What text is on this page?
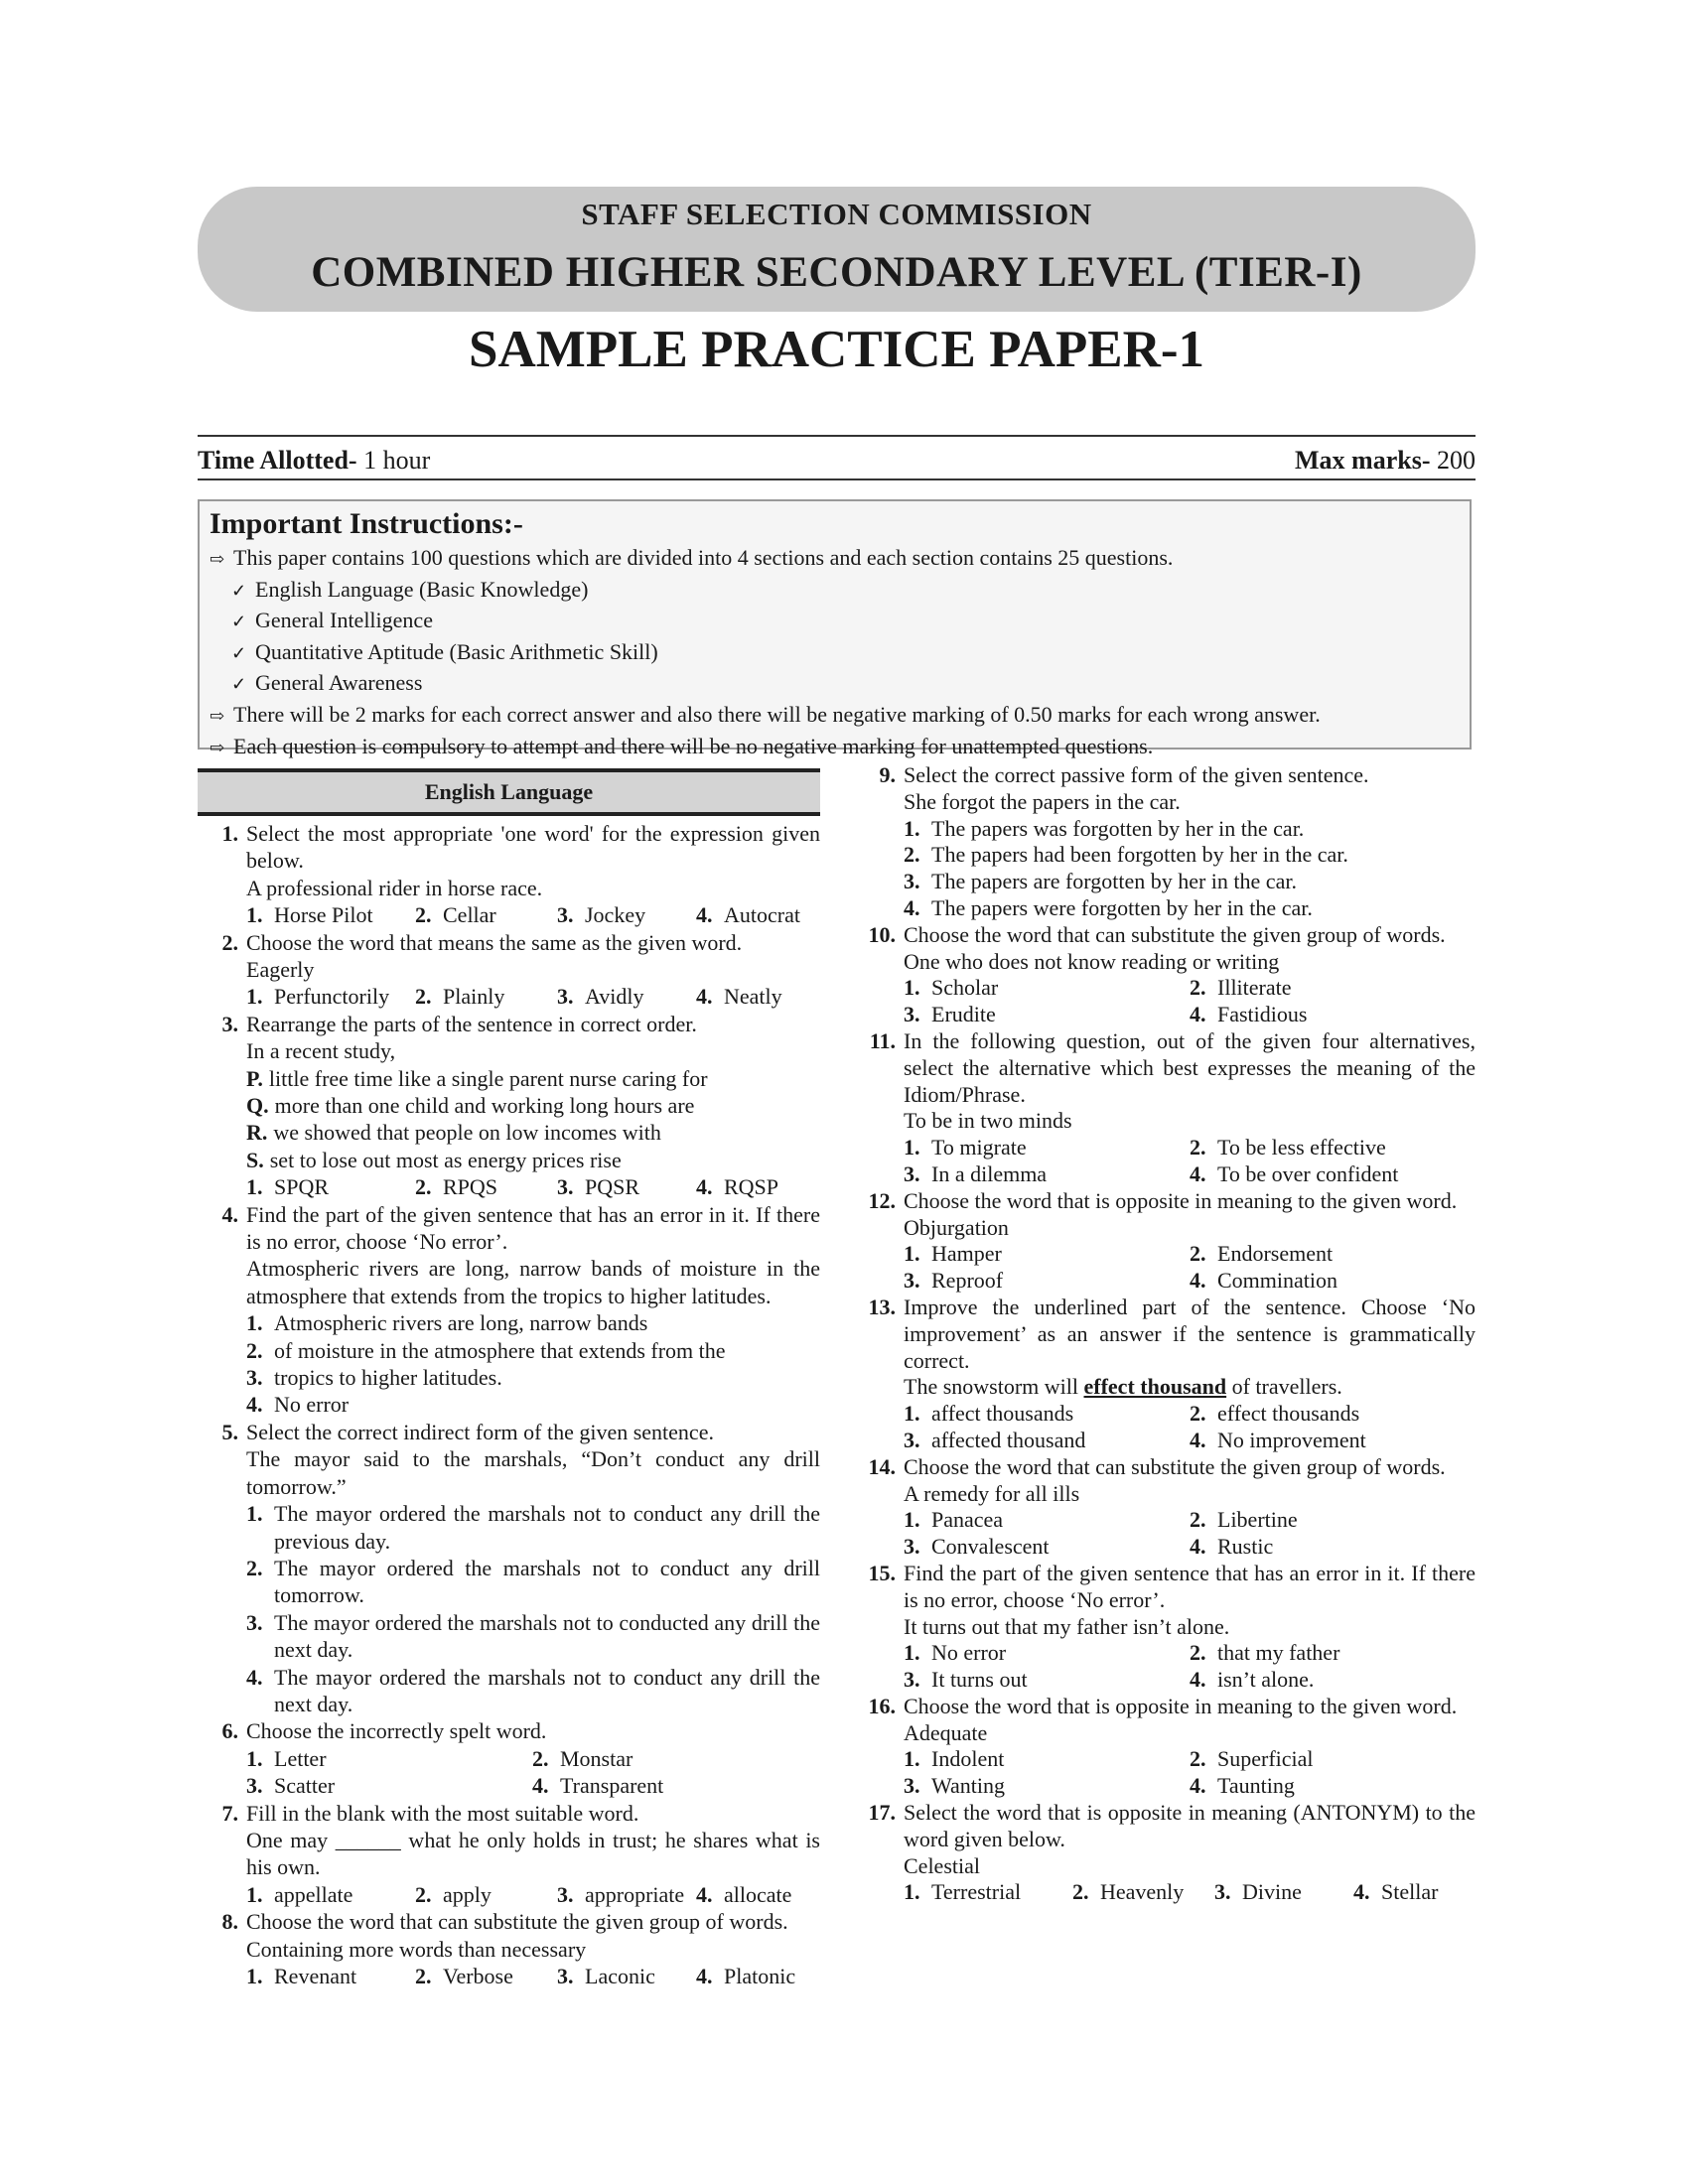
STAFF SELECTION COMMISSION
COMBINED HIGHER SECONDARY LEVEL (TIER-I)
SAMPLE PRACTICE PAPER-1
Time Allotted- 1 hour	Max marks- 200
Important Instructions:-
⇨ This paper contains 100 questions which are divided into 4 sections and each section contains 25 questions.
✓ English Language (Basic Knowledge)
✓ General Intelligence
✓ Quantitative Aptitude (Basic Arithmetic Skill)
✓ General Awareness
⇨ There will be 2 marks for each correct answer and also there will be negative marking of 0.50 marks for each wrong answer.
⇨ Each question is compulsory to attempt and there will be no negative marking for unattempted questions.
English Language
1. Select the most appropriate 'one word' for the expression given below.
A professional rider in horse race.
1. Horse Pilot 2. Cellar	3. Jockey 4. Autocrat
2. Choose the word that means the same as the given word.
Eagerly
1. Perfunctorily 2. Plainly 3. Avidly 4. Neatly
3. Rearrange the parts of the sentence in correct order.
In a recent study,
P. little free time like a single parent nurse caring for
Q. more than one child and working long hours are
R. we showed that people on low incomes with
S. set to lose out most as energy prices rise
1. SPQR	2. RPQS	3. PQSR	4. RQSP
4. Find the part of the given sentence that has an error in it. If there is no error, choose ‘No error’.
Atmospheric rivers are long, narrow bands of moisture in the atmosphere that extends from the tropics to higher latitudes.
1. Atmospheric rivers are long, narrow bands
2. of moisture in the atmosphere that extends from the
3. tropics to higher latitudes.
4. No error
5. Select the correct indirect form of the given sentence.
The mayor said to the marshals, “Don’t conduct any drill tomorrow.”
1. The mayor ordered the marshals not to conduct any drill the previous day.
2. The mayor ordered the marshals not to conduct any drill tomorrow.
3. The mayor ordered the marshals not to conducted any drill the next day.
4. The mayor ordered the marshals not to conduct any drill the next day.
6. Choose the incorrectly spelt word.
1. Letter	2. Monstar
3. Scatter	4. Transparent
7. Fill in the blank with the most suitable word.
One may ______ what he only holds in trust; he shares what is his own.
1. appellate	2. apply	3. appropriate 4. allocate
8. Choose the word that can substitute the given group of words.
Containing more words than necessary
1. Revenant	2. Verbose 3. Laconic 4. Platonic
9. Select the correct passive form of the given sentence.
She forgot the papers in the car.
1. The papers was forgotten by her in the car.
2. The papers had been forgotten by her in the car.
3. The papers are forgotten by her in the car.
4. The papers were forgotten by her in the car.
10. Choose the word that can substitute the given group of words.
One who does not know reading or writing
1. Scholar	2. Illiterate
3. Erudite	4. Fastidious
11. In the following question, out of the given four alternatives, select the alternative which best expresses the meaning of the Idiom/Phrase.
To be in two minds
1. To migrate	2. To be less effective
3. In a dilemma	4. To be over confident
12. Choose the word that is opposite in meaning to the given word.
Objurgation
1. Hamper	2. Endorsement
3. Reproof	4. Commination
13. Improve the underlined part of the sentence. Choose ‘No improvement’ as an answer if the sentence is grammatically correct.
The snowstorm will effect thousand of travellers.
1. affect thousands	2. effect thousands
3. affected thousand	4. No improvement
14. Choose the word that can substitute the given group of words.
A remedy for all ills
1. Panacea	2. Libertine
3. Convalescent	4. Rustic
15. Find the part of the given sentence that has an error in it. If there is no error, choose ‘No error’.
It turns out that my father isn’t alone.
1. No error	2. that my father
3. It turns out	4. isn’t alone.
16. Choose the word that is opposite in meaning to the given word.
Adequate
1. Indolent	2. Superficial
3. Wanting	4. Taunting
17. Select the word that is opposite in meaning (ANTONYM) to the word given below.
Celestial
1. Terrestrial 2. Heavenly 3. Divine 4. Stellar
